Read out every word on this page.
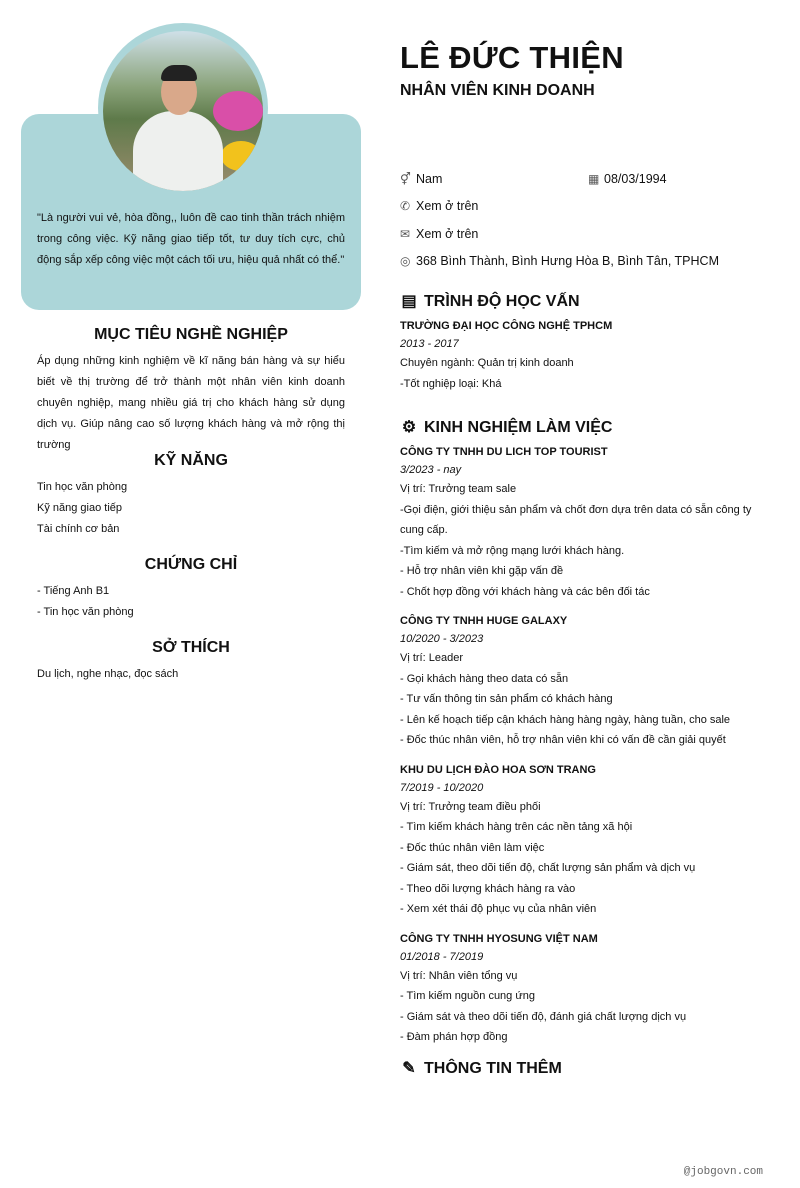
"Là người vui vẻ, hòa đồng,, luôn đề cao tinh thần trách nhiệm trong công việc. Kỹ năng giao tiếp tốt, tư duy tích cực, chủ động sắp xếp công việc một cách tối ưu, hiệu quả nhất có thể."

MỤC TIÊU NGHỀ NGHIỆP

Áp dụng những kinh nghiệm về kĩ năng bán hàng và sự hiểu biết về thị trường để trở thành một nhân viên kinh doanh chuyên nghiệp, mang nhiều giá trị cho khách hàng sử dụng dịch vụ. Giúp nâng cao số lượng khách hàng và mở rộng thị trường

KỸ NĂNG
Tin học văn phòng
Kỹ năng giao tiếp
Tài chính cơ bản
CHỨNG CHỈ
- Tiếng Anh B1
- Tin học văn phòng
SỞ THÍCH
Du lịch, nghe nhạc, đọc sách
LÊ ĐỨC THIỆN
NHÂN VIÊN KINH DOANH
⚥ Nam	▦ 08/03/1994
✆ Xem ở trên
✉ Xem ở trên
◎ 368 Bình Thành, Bình Hưng Hòa B, Bình Tân, TPHCM
▤ TRÌNH ĐỘ HỌC VẤN
TRƯỜNG ĐẠI HỌC CÔNG NGHỆ TPHCM
2013 - 2017
Chuyên ngành: Quản trị kinh doanh
-Tốt nghiệp loại: Khá
⚙ KINH NGHIỆM LÀM VIỆC
CÔNG TY TNHH DU LICH TOP TOURIST
3/2023 - nay
Vị trí: Trưởng team sale
-Gọi điện, giới thiệu sản phẩm và chốt đơn dựa trên data có sẵn công ty cung cấp.
-Tìm kiếm và mở rộng mạng lưới khách hàng.
- Hỗ trợ nhân viên khi gặp vấn đề
- Chốt hợp đồng với khách hàng và các bên đối tác
CÔNG TY TNHH HUGE GALAXY
10/2020 - 3/2023
Vị trí: Leader
- Gọi khách hàng theo data có sẵn
- Tư vấn thông tin sản phẩm có khách hàng
- Lên kế hoạch tiếp cận khách hàng hàng ngày, hàng tuần, cho sale
- Đốc thúc nhân viên, hỗ trợ nhân viên khi có vấn đề cần giải quyết
KHU DU LỊCH ĐÀO HOA SƠN TRANG
7/2019 - 10/2020
Vị trí: Trưởng team điều phối
- Tìm kiếm khách hàng trên các nền tảng xã hội
- Đốc thúc nhân viên làm việc
- Giám sát, theo dõi tiến độ, chất lượng sản phẩm và dịch vụ
- Theo dõi lượng khách hàng ra vào
- Xem xét thái độ phục vụ của nhân viên
CÔNG TY TNHH HYOSUNG VIỆT NAM
01/2018 - 7/2019
Vị trí: Nhân viên tổng vụ
- Tìm kiếm nguồn cung ứng
- Giám sát và theo dõi tiến độ, đánh giá chất lượng dịch vụ
- Đàm phán hợp đồng
✎ THÔNG TIN THÊM
@jobgovn.com
